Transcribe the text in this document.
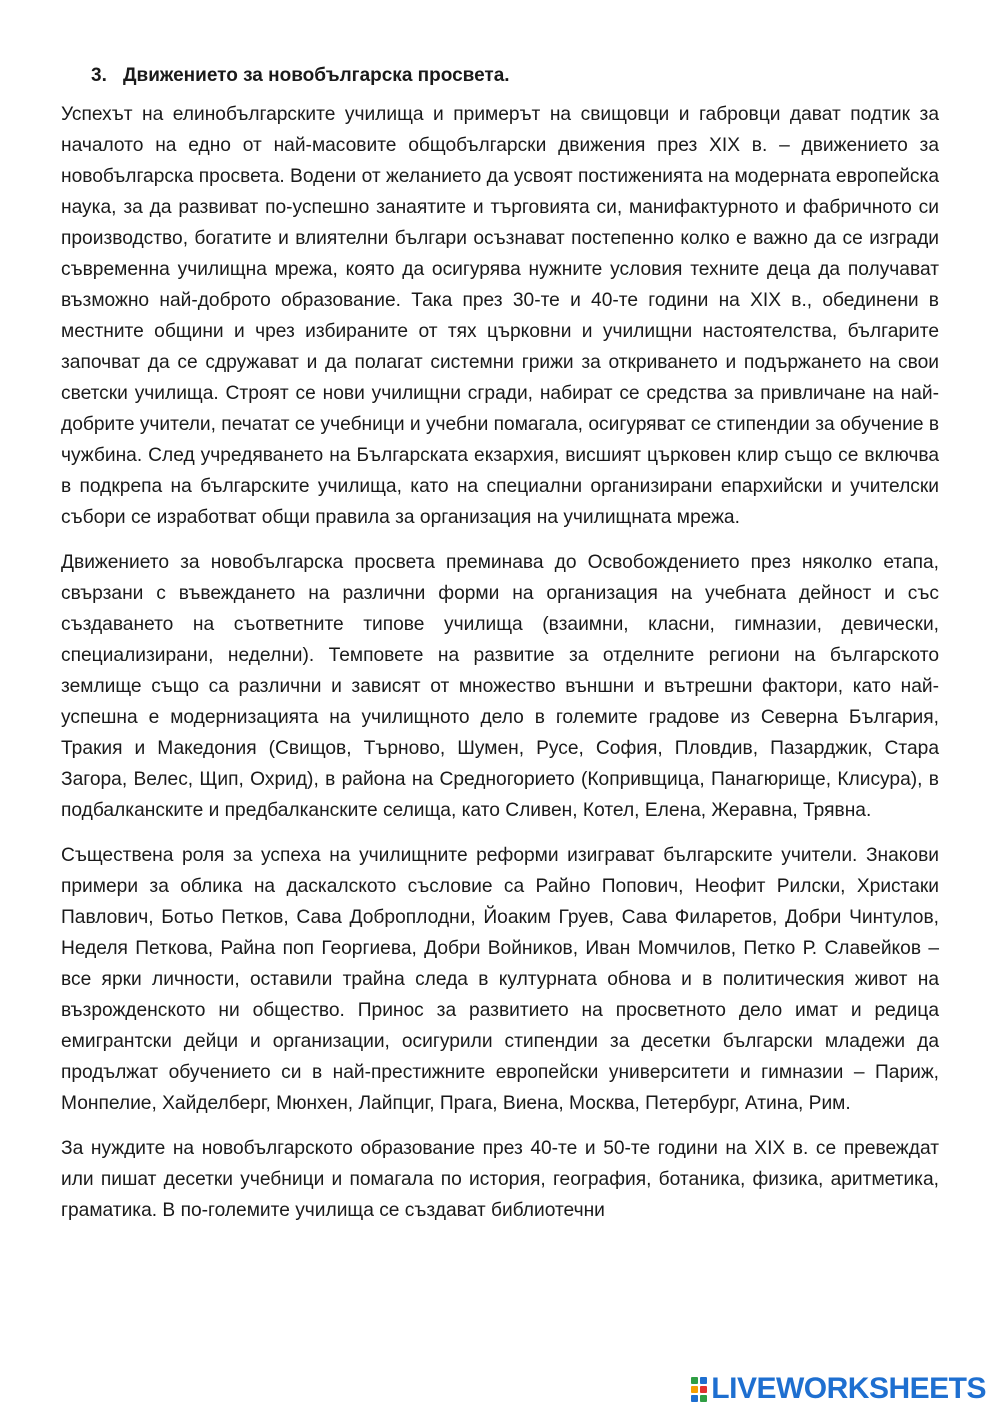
3. Движението за новобългарска просвета.

Успехът на елинобългарските училища и примерът на свищовци и габровци дават подтик за началото на едно от най-масовите общобългарски движения през XIX в. – движението за новобългарска просвета. Водени от желанието да усвоят постиженията на модерната европейска наука, за да развиват по-успешно занаятите и търговията си, манифактурното и фабричното си производство, богатите и влиятелни българи осъзнават постепенно колко е важно да се изгради съвременна училищна мрежа, която да осигурява нужните условия техните деца да получават възможно най-доброто образование. Така през 30-те и 40-те години на XIX в., обединени в местните общини и чрез избираните от тях църковни и училищни настоятелства, българите започват да се сдружават и да полагат системни грижи за откриването и подържането на свои светски училища. Строят се нови училищни сгради, набират се средства за привличане на най-добрите учители, печатат се учебници и учебни помагала, осигуряват се стипендии за обучение в чужбина. След учредяването на Българската екзархия, висшият църковен клир също се включва в подкрепа на българските училища, като на специални организирани епархийски и учителски събори се изработват общи правила за организация на училищната мрежа.

Движението за новобългарска просвета преминава до Освобождението през няколко етапа, свързани с въвеждането на различни форми на организация на учебната дейност и със създаването на съответните типове училища (взаимни, класни, гимназии, девически, специализирани, неделни). Темповете на развитие за отделните региони на българското землище също са различни и зависят от множество външни и вътрешни фактори, като най-успешна е модернизацията на училищното дело в големите градове из Северна България, Тракия и Македония (Свищов, Търново, Шумен, Русе, София, Пловдив, Пазарджик, Стара Загора, Велес, Щип, Охрид), в района на Средногорието (Копривщица, Панагюрище, Клисура), в подбалканските и предбалканските селища, като Сливен, Котел, Елена, Жеравна, Трявна.

Съществена роля за успеха на училищните реформи изиграват българските учители. Знакови примери за облика на даскалското съсловие са Райно Попович, Неофит Рилски, Христаки Павлович, Ботьо Петков, Сава Доброплодни, Йоаким Груев, Сава Филаретов, Добри Чинтулов, Неделя Петкова, Райна поп Георгиева, Добри Войников, Иван Момчилов, Петко Р. Славейков – все ярки личности, оставили трайна следа в културната обнова и в политическия живот на възрожденското ни общество. Принос за развитието на просветното дело имат и редица емигрантски дейци и организации, осигурили стипендии за десетки български младежи да продължат обучението си в най-престижните европейски университети и гимназии – Париж, Монпелие, Хайделберг, Мюнхен, Лайпциг, Прага, Виена, Москва, Петербург, Атина, Рим.

За нуждите на новобългарското образование през 40-те и 50-те години на XIX в. се превеждат или пишат десетки учебници и помагала по история, география, ботаника, физика, аритметика, граматика. В по-големите училища се създават библиотечни

LIVEWORKSHEETS
